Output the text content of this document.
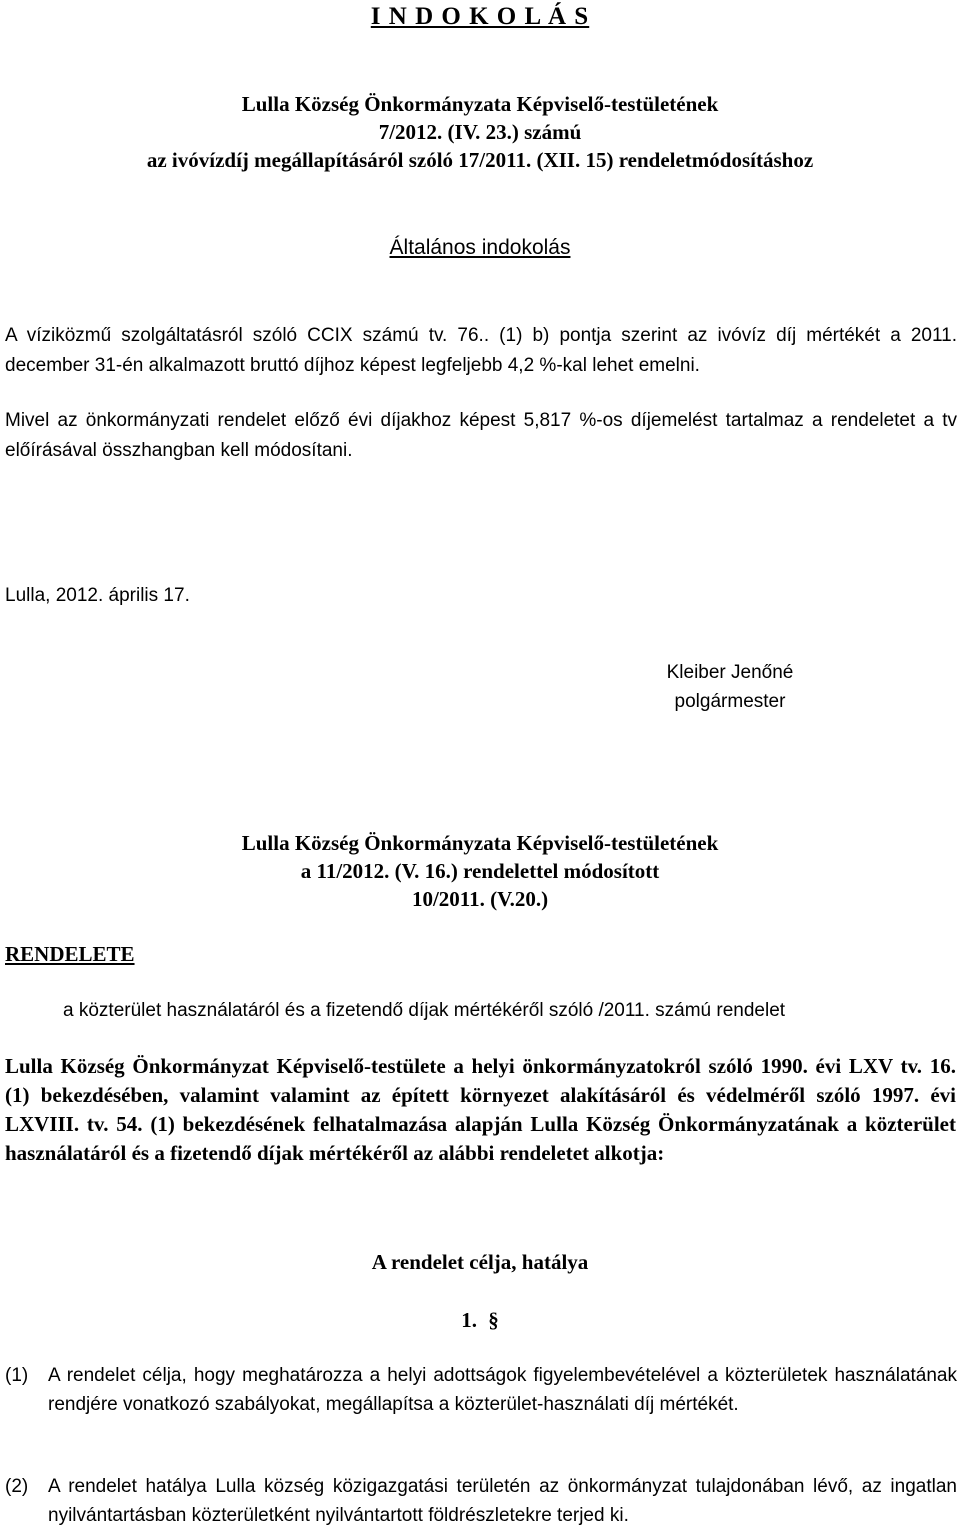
I N D O K O L Á S
Lulla Község Önkormányzata Képviselő-testületének
7/2012. (IV. 23.) számú
az ivóvízdíj megállapításáról szóló 17/2011. (XII. 15) rendeletmódosításhoz
Általános indokolás
A víziközmű szolgáltatásról szóló CCIX számú tv. 76.. (1) b) pontja szerint az ivóvíz díj mértékét a 2011. december 31-én alkalmazott bruttó díjhoz képest legfeljebb 4,2 %-kal lehet emelni.
Mivel az önkormányzati rendelet előző évi díjakhoz képest 5,817 %-os díjemelést tartalmaz a rendeletet a tv előírásával összhangban kell módosítani.
Lulla, 2012. április 17.
Kleiber Jenőné
polgármester
Lulla Község Önkormányzata Képviselő-testületének
a 11/2012. (V. 16.) rendelettel módosított
10/2011. (V.20.)
RENDELETE
a közterület használatáról és a fizetendő díjak mértékéről szóló /2011. számú rendelet
Lulla Község Önkormányzat Képviselő-testülete a helyi önkormányzatokról szóló 1990. évi LXV tv. 16. (1) bekezdésében, valamint valamint az épített környezet alakításáról és védelméről szóló 1997. évi LXVIII. tv. 54. (1) bekezdésének felhatalmazása alapján Lulla Község Önkormányzatának a közterület használatáról és a fizetendő díjak mértékéről az alábbi rendeletet alkotja:
A rendelet célja, hatálya
1. §
(1) A rendelet célja, hogy meghatározza a helyi adottságok figyelembevételével a közterületek használatának rendjére vonatkozó szabályokat, megállapítsa a közterület-használati díj mértékét.
(2) A rendelet hatálya Lulla község közigazgatási területén az önkormányzat tulajdonában lévő, az ingatlan nyilvántartásban közterületként nyilvántartott földrészletekre terjed ki.
